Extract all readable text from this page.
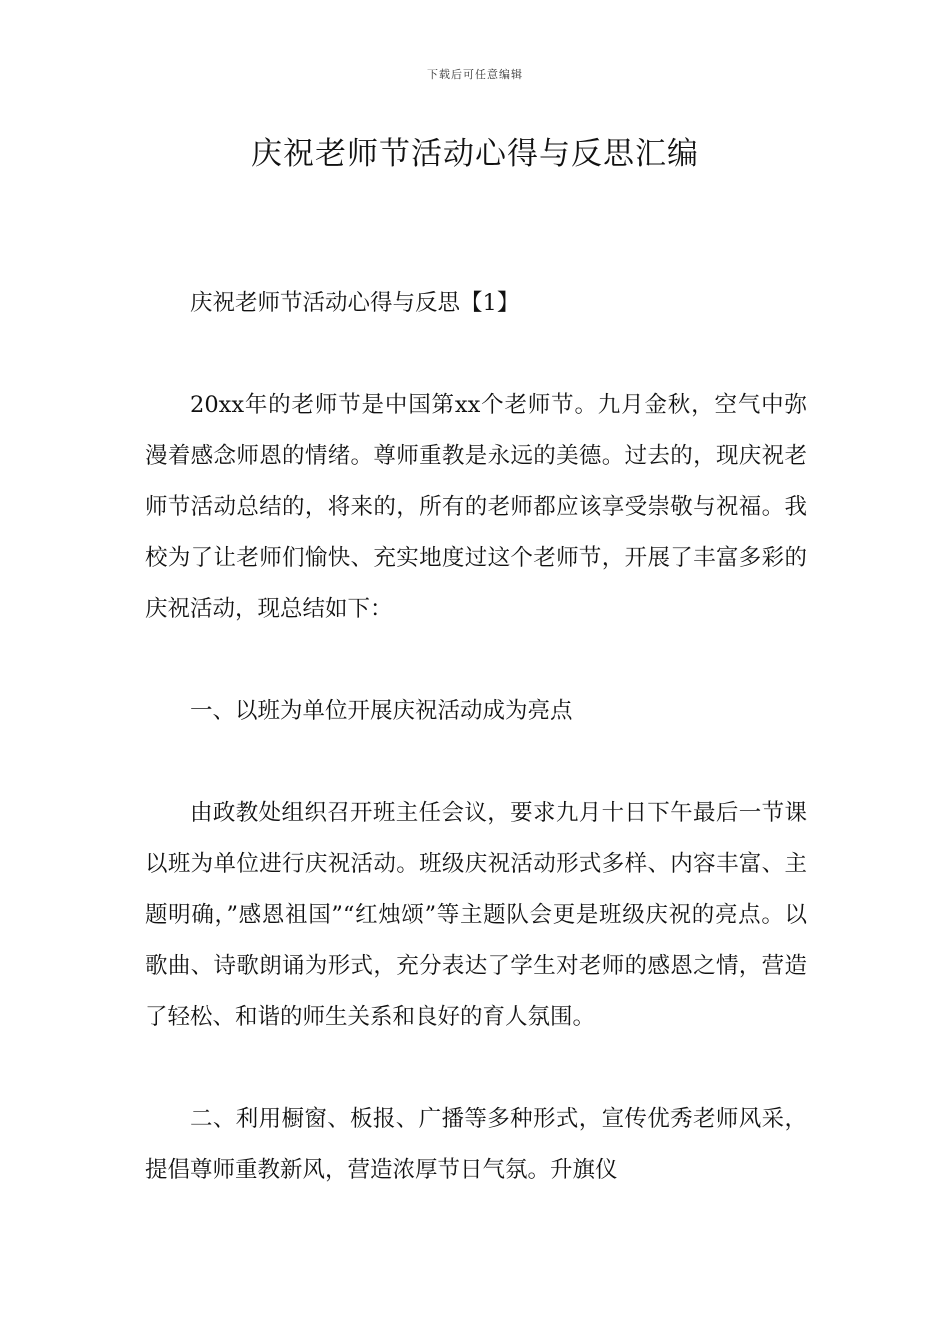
下载后可任意编辑
庆祝老师节活动心得与反思汇编

庆祝老师节活动心得与反思【1】

20xx年的老师节是中国第xx个老师节。九月金秋，空气中弥漫着感念师恩的情绪。尊师重教是永远的美德。过去的，现庆祝老师节活动总结的，将来的，所有的老师都应该享受崇敬与祝福。我校为了让老师们愉快、充实地度过这个老师节，开展了丰富多彩的庆祝活动，现总结如下：

一、以班为单位开展庆祝活动成为亮点

由政教处组织召开班主任会议，要求九月十日下午最后一节课以班为单位进行庆祝活动。班级庆祝活动形式多样、内容丰富、主题明确，”感恩祖国”“红烛颂”等主题队会更是班级庆祝的亮点。以歌曲、诗歌朗诵为形式，充分表达了学生对老师的感恩之情，营造了轻松、和谐的师生关系和良好的育人氛围。

二、利用橱窗、板报、广播等多种形式，宣传优秀老师风采，提倡尊师重教新风，营造浓厚节日气氛。升旗仪
